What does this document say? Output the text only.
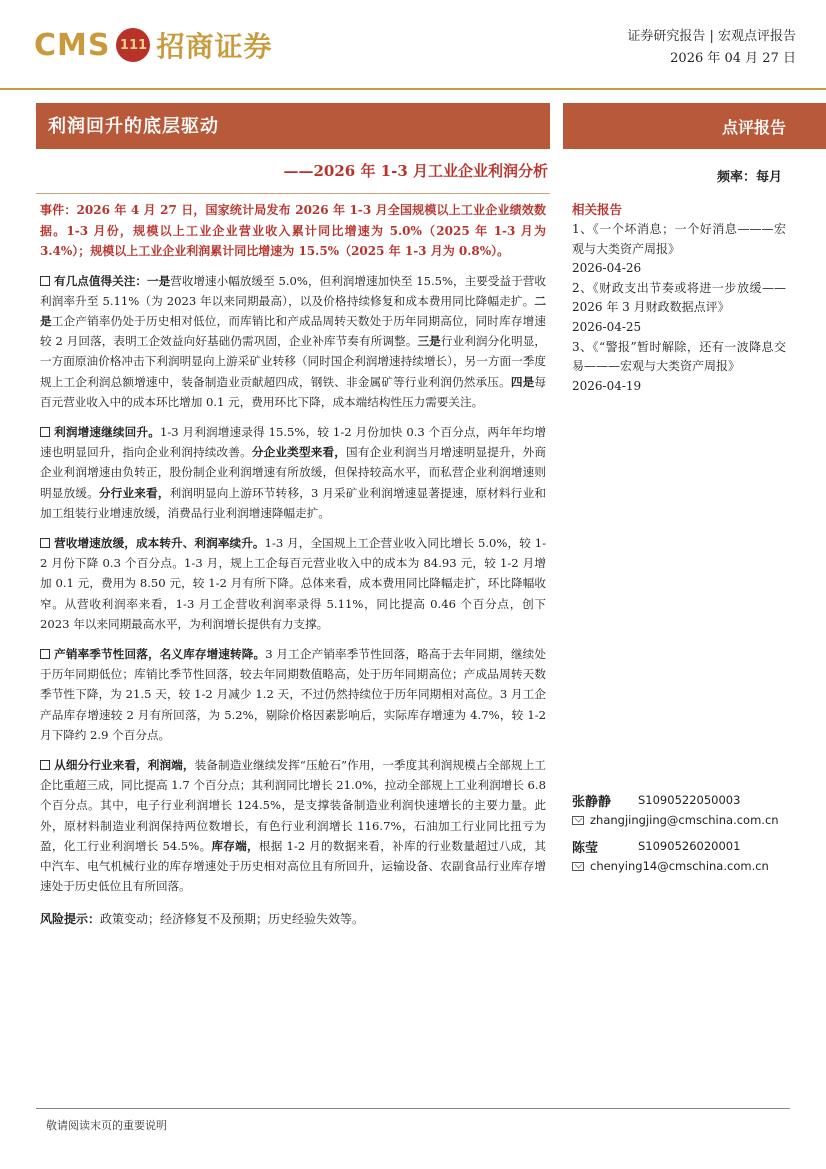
CMS 111 招商证券	证券研究报告 | 宏观点评报告
2026 年 04 月 27 日
利润回升的底层驱动
——2026 年 1-3 月工业企业利润分析
点评报告
频率：每月
事件：2026 年 4 月 27 日，国家统计局发布 2026 年 1-3 月全国规模以上工业企业绩效数据。1-3 月份，规模以上工业企业营业收入累计同比增速为 5.0%（2025 年 1-3 月为 3.4%）；规模以上工业企业利润累计同比增速为 15.5%（2025 年 1-3 月为 0.8%）。
有几点值得关注：一是营收增速小幅放缓至 5.0%，但利润增速加快至 15.5%，主要受益于营收利润率升至 5.11%（为 2023 年以来同期最高），以及价格持续修复和成本费用同比降幅走扩。二是工企产销率仍处于历史相对低位，而库销比和产成品周转天数处于历年同期高位，同时库存增速较 2 月回落，表明工企效益向好基础仍需巩固，企业补库节奏有所调整。三是行业利润分化明显，一方面原油价格冲击下利润明显向上游采矿业转移（同时国企利润增速持续增长），另一方面一季度规上工企利润总额增速中，装备制造业贡献超四成，钢铁、非金属矿等行业利润仍然承压。四是每百元营业收入中的成本环比增加 0.1 元，费用环比下降，成本端结构性压力需要关注。
利润增速继续回升。1-3 月利润增速录得 15.5%，较 1-2 月份加快 0.3 个百分点，两年年均增速也明显回升，指向企业利润持续改善。分企业类型来看，国有企业利润当月增速明显提升，外商企业利润增速由负转正，股份制企业利润增速有所放缓，但保持较高水平，而私营企业利润增速则明显放缓。分行业来看，利润明显向上游环节转移，3 月采矿业利润增速显著提速，原材料行业和加工组装行业增速放缓，消费品行业利润增速降幅走扩。
营收增速放缓，成本转升、利润率续升。1-3 月，全国规上工企营业收入同比增长 5.0%，较 1-2 月份下降 0.3 个百分点。1-3 月，规上工企每百元营业收入中的成本为 84.93 元，较 1-2 月增加 0.1 元，费用为 8.50 元，较 1-2 月有所下降。总体来看，成本费用同比降幅走扩，环比降幅收窄。从营收利润率来看，1-3 月工企营收利润率录得 5.11%，同比提高 0.46 个百分点，创下 2023 年以来同期最高水平，为利润增长提供有力支撑。
产销率季节性回落，名义库存增速转降。3 月工企产销率季节性回落，略高于去年同期，继续处于历年同期低位；库销比季节性回落，较去年同期数值略高，处于历年同期高位；产成品周转天数季节性下降，为 21.5 天，较 1-2 月减少 1.2 天，不过仍然持续位于历年同期相对高位。3 月工企产品库存增速较 2 月有所回落，为 5.2%，剔除价格因素影响后，实际库存增速为 4.7%，较 1-2 月下降约 2.9 个百分点。
从细分行业来看，利润端，装备制造业继续发挥“压舱石”作用，一季度其利润规模占全部规上工企比重超三成，同比提高 1.7 个百分点；其利润同比增长 21.0%，拉动全部规上工业利润增长 6.8 个百分点。其中，电子行业利润增长 124.5%，是支撑装备制造业利润快速增长的主要力量。此外，原材料制造业利润保持两位数增长，有色行业利润增长 116.7%，石油加工行业同比扭亏为盈，化工行业利润增长 54.5%。库存端，根据 1-2 月的数据来看，补库的行业数量超过八成，其中汽车、电气机械行业的库存增速处于历史相对高位且有所回升，运输设备、农副食品行业库存增速处于历史低位且有所回落。
风险提示：政策变动；经济修复不及预期；历史经验失效等。
相关报告
1、《一个坏消息；一个好消息———宏观与大类资产周报》
2026-04-26
2、《财政支出节奏或将进一步放缓——2026 年 3 月财政数据点评》
2026-04-25
3、《“警报”暂时解除，还有一波降息交易———宏观与大类资产周报》
2026-04-19
张静静	S1090522050003
zhangjingjing@cmschina.com.cn
陈莹	S1090526020001
chenying14@cmschina.com.cn
敬请阅读末页的重要说明
